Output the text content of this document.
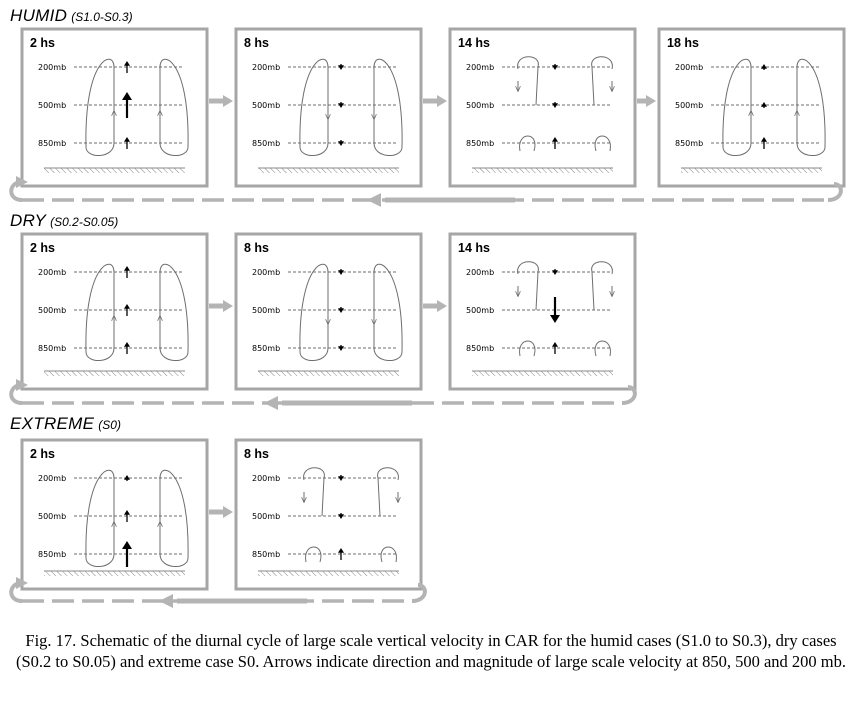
HUMID (S1.0-S0.3)
DRY (S0.2-S0.05)
EXTREME (S0)
2 hs
200mb
500mb
850mb
8 hs
200mb
500mb
850mb
14 hs
200mb
500mb
850mb
18 hs
200mb
500mb
850mb
2 hs
200mb
500mb
850mb
8 hs
200mb
500mb
850mb
14 hs
200mb
500mb
850mb
2 hs
200mb
500mb
850mb
8 hs
200mb
500mb
850mb
Fig. 17. Schematic of the diurnal cycle of large scale vertical velocity in CAR for the humid cases (S1.0 to S0.3), dry cases (S0.2 to S0.05) and extreme case S0. Arrows indicate direction and magnitude of large scale velocity at 850, 500 and 200 mb.
